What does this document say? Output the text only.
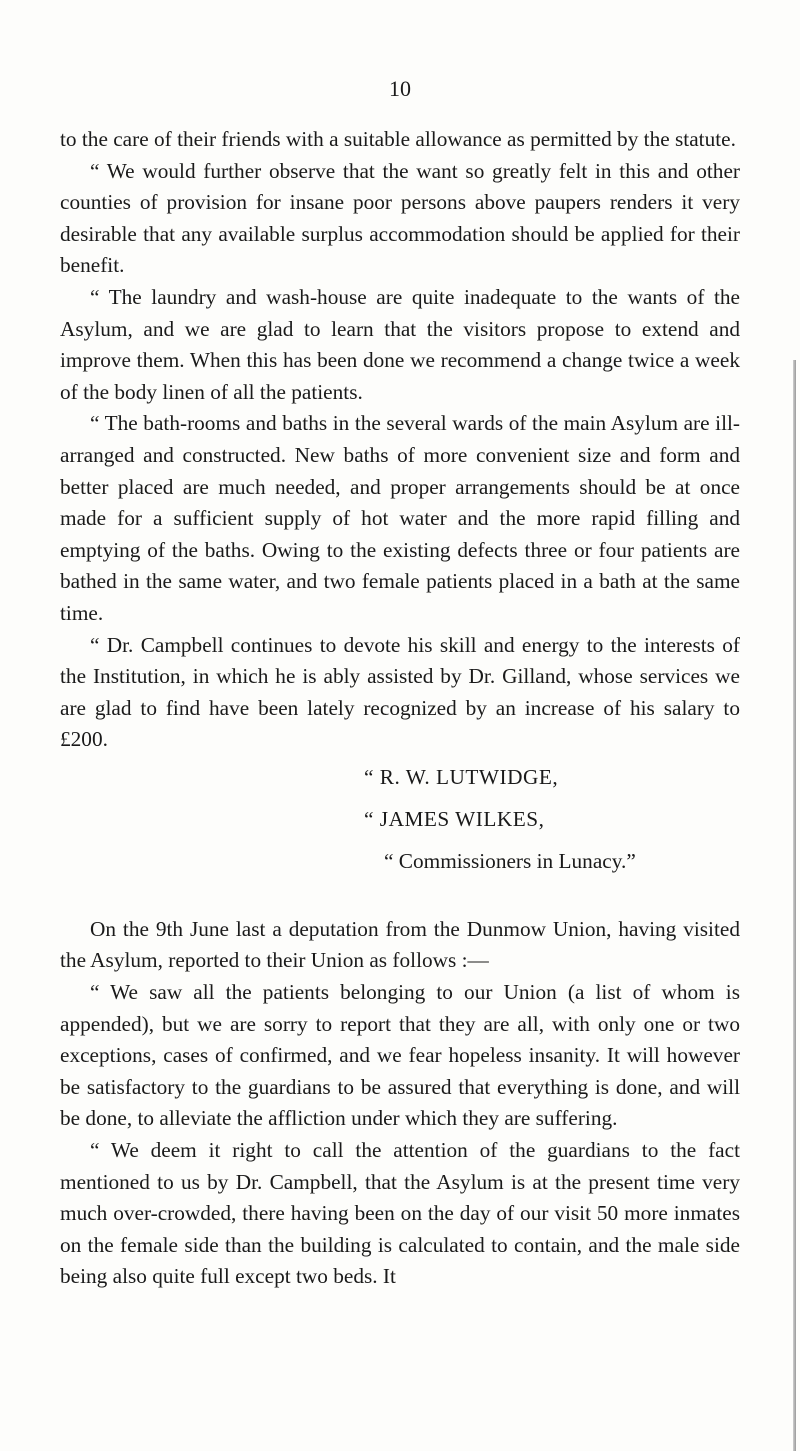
10

to the care of their friends with a suitable allowance as permitted by the statute.

“ We would further observe that the want so greatly felt in this and other counties of provision for insane poor persons above paupers renders it very desirable that any available surplus accommodation should be applied for their benefit.

“ The laundry and wash-house are quite inadequate to the wants of the Asylum, and we are glad to learn that the visitors propose to extend and improve them. When this has been done we recommend a change twice a week of the body linen of all the patients.

“ The bath-rooms and baths in the several wards of the main Asylum are ill-arranged and constructed. New baths of more convenient size and form and better placed are much needed, and proper arrangements should be at once made for a sufficient supply of hot water and the more rapid filling and emptying of the baths. Owing to the existing defects three or four patients are bathed in the same water, and two female patients placed in a bath at the same time.

“ Dr. Campbell continues to devote his skill and energy to the interests of the Institution, in which he is ably assisted by Dr. Gilland, whose services we are glad to find have been lately recognized by an increase of his salary to £200.

“ R. W. LUTWIDGE,

“ JAMES WILKES,

“ Commissioners in Lunacy.”

On the 9th June last a deputation from the Dunmow Union, having visited the Asylum, reported to their Union as follows :—

“ We saw all the patients belonging to our Union (a list of whom is appended), but we are sorry to report that they are all, with only one or two exceptions, cases of confirmed, and we fear hopeless insanity. It will however be satisfactory to the guardians to be assured that everything is done, and will be done, to alleviate the affliction under which they are suffering.

“ We deem it right to call the attention of the guardians to the fact mentioned to us by Dr. Campbell, that the Asylum is at the present time very much over-crowded, there having been on the day of our visit 50 more inmates on the female side than the building is calculated to contain, and the male side being also quite full except two beds. It
